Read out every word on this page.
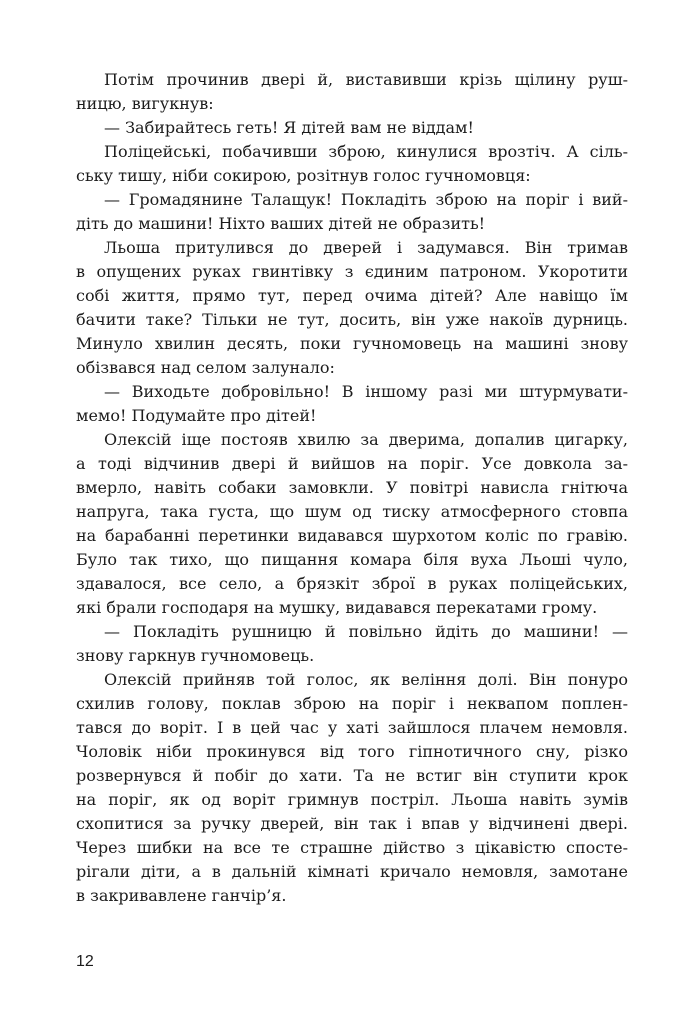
Потім прочинив двері й, виставивши крізь щілину руш-
ницю, вигукнув:
— Забирайтесь геть! Я дітей вам не віддам!
Поліцейські, побачивши зброю, кинулися врозтіч. А сіль-
ську тишу, ніби сокирою, розітнув голос гучномовця:
— Громадянине Талащук! Покладіть зброю на поріг і вий-
діть до машини! Ніхто ваших дітей не образить!
Льоша притулився до дверей і задумався. Він тримав
в опущених руках гвинтівку з єдиним патроном. Укоротити
собі життя, прямо тут, перед очима дітей? Але навіщо їм
бачити таке? Тільки не тут, досить, він уже накоїв дурниць.
Минуло хвилин десять, поки гучномовець на машині знову
обізвався над селом залунало:
— Виходьте добровільно! В іншому разі ми штурмувати-
мемо! Подумайте про дітей!
Олексій іще постояв хвилю за дверима, допалив цигарку,
а тоді відчинив двері й вийшов на поріг. Усе довкола за-
вмерло, навіть собаки замовкли. У повітрі нависла гнітюча
напруга, така густа, що шум од тиску атмосферного стовпа
на барабанні перетинки видавався шурхотом коліс по гравію.
Було так тихо, що пищання комара біля вуха Льоші чуло,
здавалося, все село, а брязкіт зброї в руках поліцейських,
які брали господаря на мушку, видавався перекатами грому.
— Покладіть рушницю й повільно йдіть до машини! —
знову гаркнув гучномовець.
Олексій прийняв той голос, як веління долі. Він понуро
схилив голову, поклав зброю на поріг і неквапом поплен-
тався до воріт. І в цей час у хаті зайшлося плачем немовля.
Чоловік ніби прокинувся від того гіпнотичного сну, різко
розвернувся й побіг до хати. Та не встиг він ступити крок
на поріг, як од воріт гримнув постріл. Льоша навіть зумів
схопитися за ручку дверей, він так і впав у відчинені двері.
Через шибки на все те страшне дійство з цікавістю спосте-
рігали діти, а в дальній кімнаті кричало немовля, замотане
в закривавлене ганчір’я.
12
